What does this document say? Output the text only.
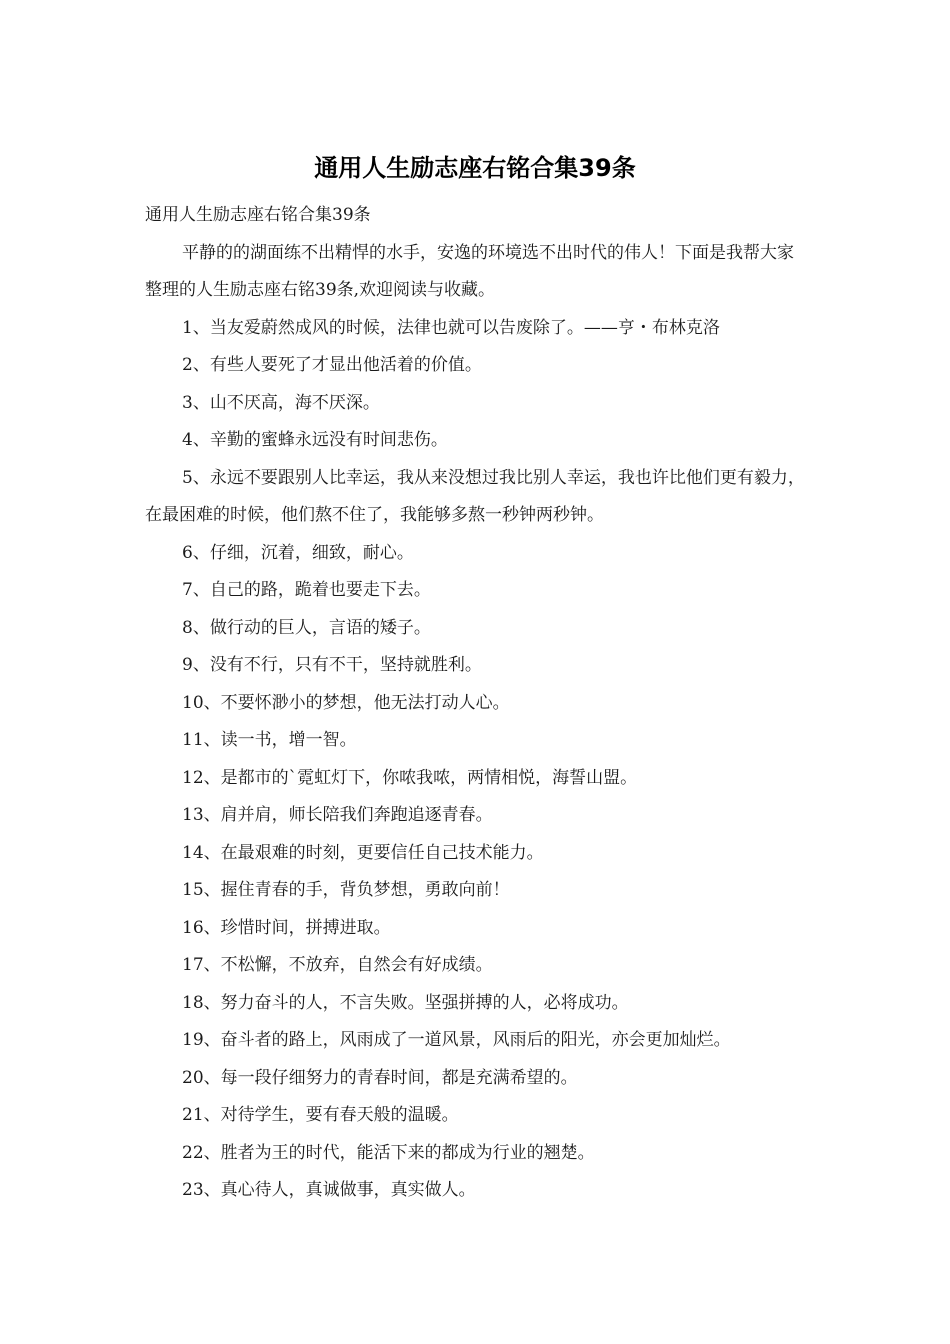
通用人生励志座右铭合集39条

通用人生励志座右铭合集39条

平静的的湖面练不出精悍的水手，安逸的环境选不出时代的伟人！下面是我帮大家整理的人生励志座右铭39条,欢迎阅读与收藏。

1、当友爱蔚然成风的时候，法律也就可以告废除了。——亨・布林克洛

2、有些人要死了才显出他活着的价值。

3、山不厌高，海不厌深。

4、辛勤的蜜蜂永远没有时间悲伤。

5、永远不要跟别人比幸运，我从来没想过我比别人幸运，我也许比他们更有毅力，在最困难的时候，他们熬不住了，我能够多熬一秒钟两秒钟。

6、仔细，沉着，细致，耐心。

7、自己的路，跪着也要走下去。

8、做行动的巨人，言语的矮子。

9、没有不行，只有不干，坚持就胜利。

10、不要怀渺小的梦想，他无法打动人心。

11、读一书，增一智。

12、是都市的`霓虹灯下，你哝我哝，两情相悦，海誓山盟。

13、肩并肩，师长陪我们奔跑追逐青春。

14、在最艰难的时刻，更要信任自己技术能力。

15、握住青春的手，背负梦想，勇敢向前！

16、珍惜时间，拼搏进取。

17、不松懈，不放弃，自然会有好成绩。

18、努力奋斗的人，不言失败。坚强拼搏的人，必将成功。

19、奋斗者的路上，风雨成了一道风景，风雨后的阳光，亦会更加灿烂。

20、每一段仔细努力的青春时间，都是充满希望的。

21、对待学生，要有春天般的温暖。

22、胜者为王的时代，能活下来的都成为行业的翘楚。

23、真心待人，真诚做事，真实做人。
